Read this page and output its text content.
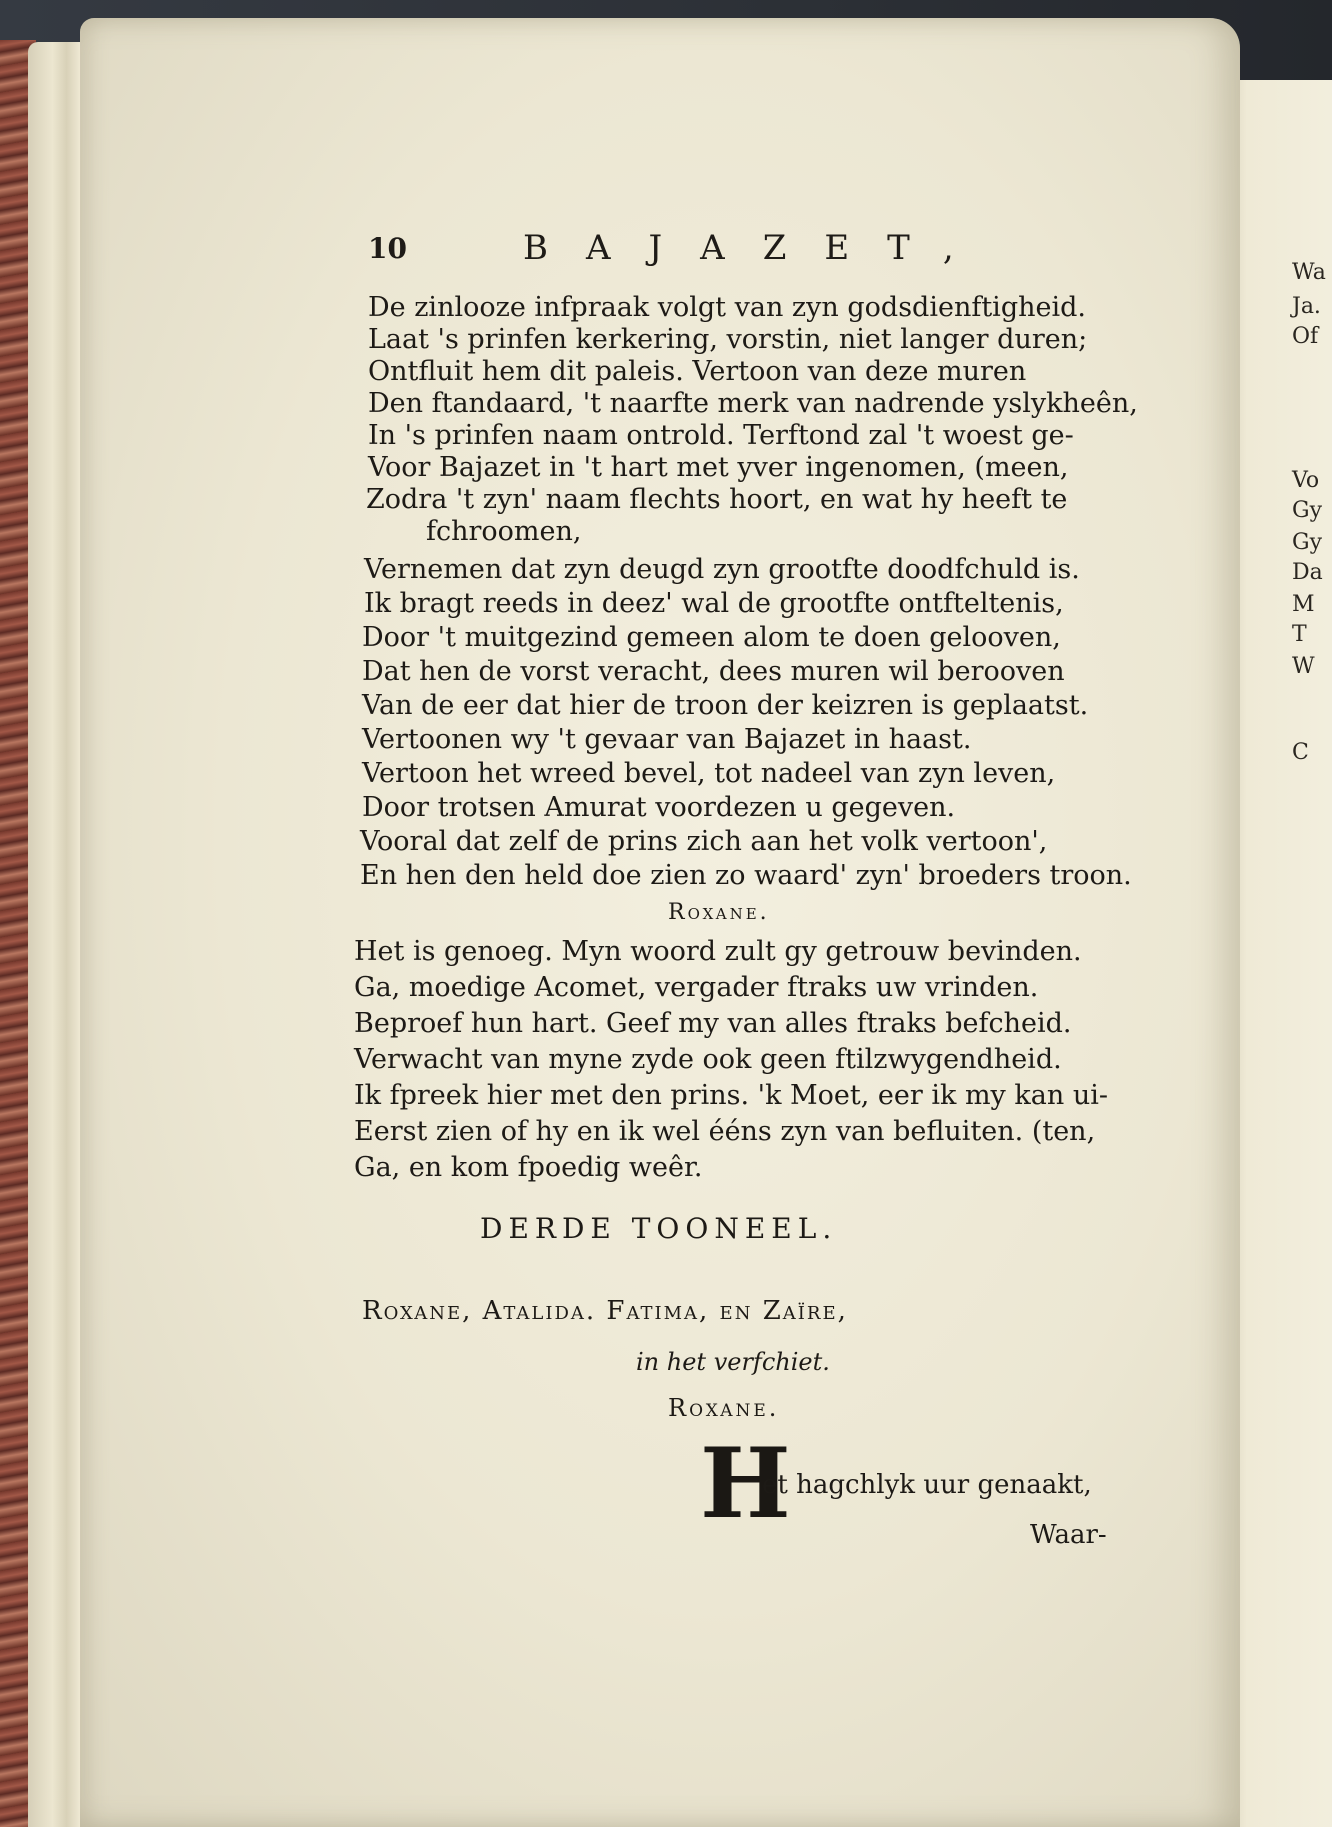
Wa

Ja.

Of

Vo

Gy

Gy

Da

M

T

W

C

10	BAJAZET,

De zinlooze infpraak volgt van zyn godsdienftigheid.

Laat 's prinfen kerkering, vorstin, niet langer duren;

Ontfluit hem dit paleis. Vertoon van deze muren

Den ftandaard, 't naarfte merk van nadrende yslykheên,

In 's prinfen naam ontrold. Terftond zal 't woest ge-

Voor Bajazet in 't hart met yver ingenomen, (meen,

Zodra 't zyn' naam flechts hoort, en wat hy heeft te

fchroomen,

Vernemen dat zyn deugd zyn grootfte doodfchuld is.

Ik bragt reeds in deez' wal de grootfte ontfteltenis,

Door 't muitgezind gemeen alom te doen gelooven,

Dat hen de vorst veracht, dees muren wil berooven

Van de eer dat hier de troon der keizren is geplaatst.

Vertoonen wy 't gevaar van Bajazet in haast.

Vertoon het wreed bevel, tot nadeel van zyn leven,

Door trotsen Amurat voordezen u gegeven.

Vooral dat zelf de prins zich aan het volk vertoon',

En hen den held doe zien zo waard' zyn' broeders troon.

Roxane.

Het is genoeg. Myn woord zult gy getrouw bevinden.

Ga, moedige Acomet, vergader ftraks uw vrinden.

Beproef hun hart. Geef my van alles ftraks befcheid.

Verwacht van myne zyde ook geen ftilzwygendheid.

Ik fpreek hier met den prins. 'k Moet, eer ik my kan ui-

Eerst zien of hy en ik wel ééns zyn van befluiten. (ten,

Ga, en kom fpoedig weêr.

DERDE TOONEEL.

Roxane, Atalida. Fatima, en Zaïre,

in het verfchiet.

Roxane.

H

et hagchlyk uur genaakt,

Waar-
